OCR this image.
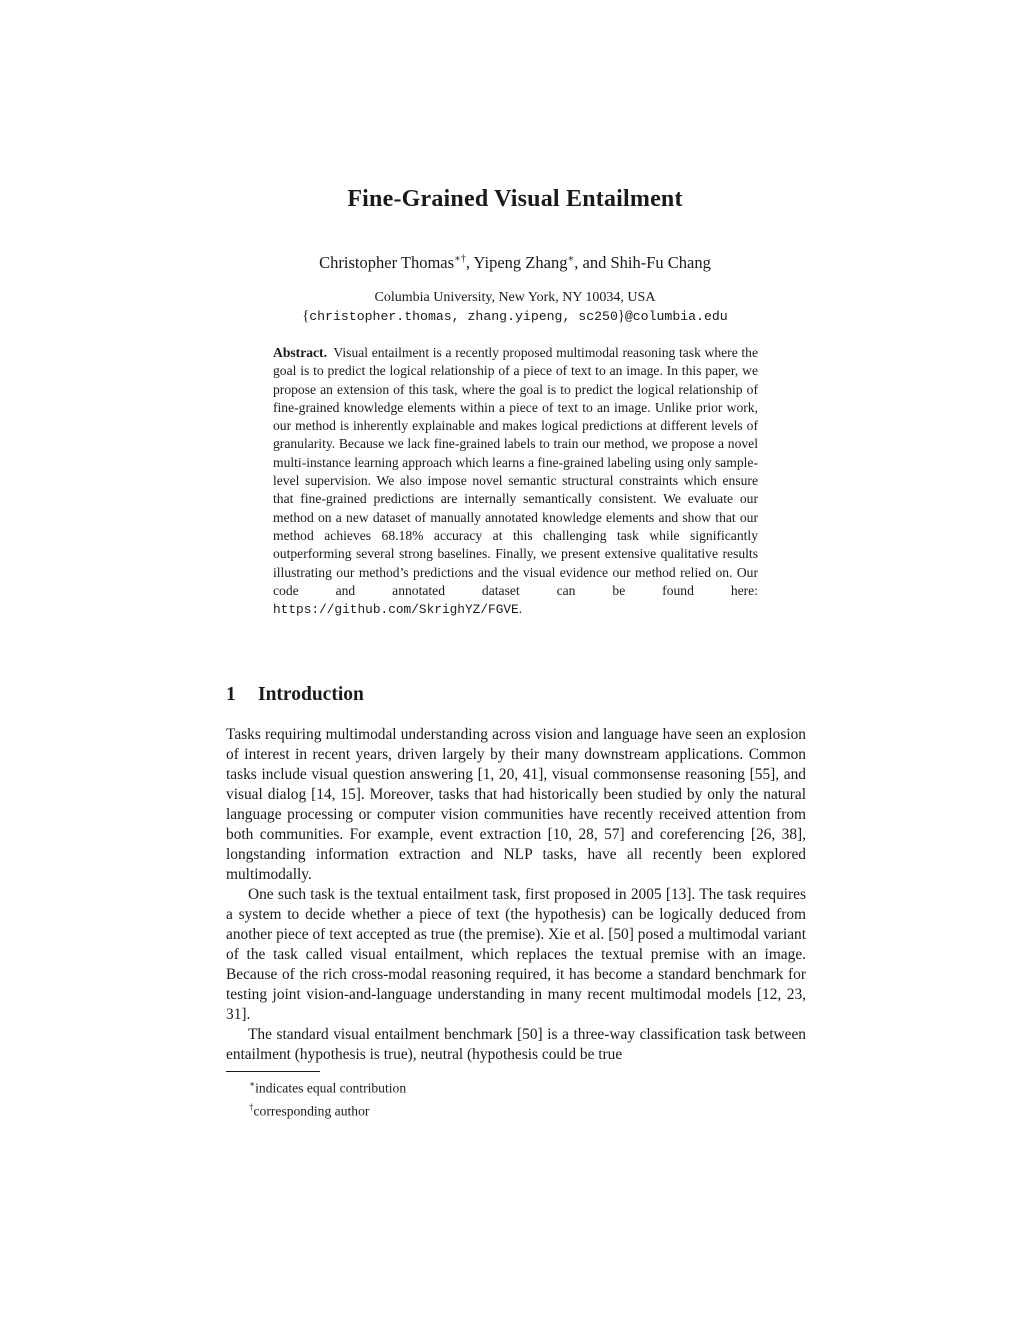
Fine-Grained Visual Entailment
Christopher Thomas∗†, Yipeng Zhang∗, and Shih-Fu Chang
Columbia University, New York, NY 10034, USA
{christopher.thomas, zhang.yipeng, sc250}@columbia.edu
Abstract. Visual entailment is a recently proposed multimodal reasoning task where the goal is to predict the logical relationship of a piece of text to an image. In this paper, we propose an extension of this task, where the goal is to predict the logical relationship of fine-grained knowledge elements within a piece of text to an image. Unlike prior work, our method is inherently explainable and makes logical predictions at different levels of granularity. Because we lack fine-grained labels to train our method, we propose a novel multi-instance learning approach which learns a fine-grained labeling using only sample-level supervision. We also impose novel semantic structural constraints which ensure that fine-grained predictions are internally semantically consistent. We evaluate our method on a new dataset of manually annotated knowledge elements and show that our method achieves 68.18% accuracy at this challenging task while significantly outperforming several strong baselines. Finally, we present extensive qualitative results illustrating our method’s predictions and the visual evidence our method relied on. Our code and annotated dataset can be found here: https://github.com/SkrighYZ/FGVE.
1 Introduction

Tasks requiring multimodal understanding across vision and language have seen an explosion of interest in recent years, driven largely by their many downstream applications. Common tasks include visual question answering [1, 20, 41], visual commonsense reasoning [55], and visual dialog [14, 15]. Moreover, tasks that had historically been studied by only the natural language processing or computer vision communities have recently received attention from both communities. For example, event extraction [10, 28, 57] and coreferencing [26, 38], longstanding information extraction and NLP tasks, have all recently been explored multimodally.

One such task is the textual entailment task, first proposed in 2005 [13]. The task requires a system to decide whether a piece of text (the hypothesis) can be logically deduced from another piece of text accepted as true (the premise). Xie et al. [50] posed a multimodal variant of the task called visual entailment, which replaces the textual premise with an image. Because of the rich cross-modal reasoning required, it has become a standard benchmark for testing joint vision-and-language understanding in many recent multimodal models [12, 23, 31].

The standard visual entailment benchmark [50] is a three-way classification task between entailment (hypothesis is true), neutral (hypothesis could be true

∗indicates equal contribution
†corresponding author
